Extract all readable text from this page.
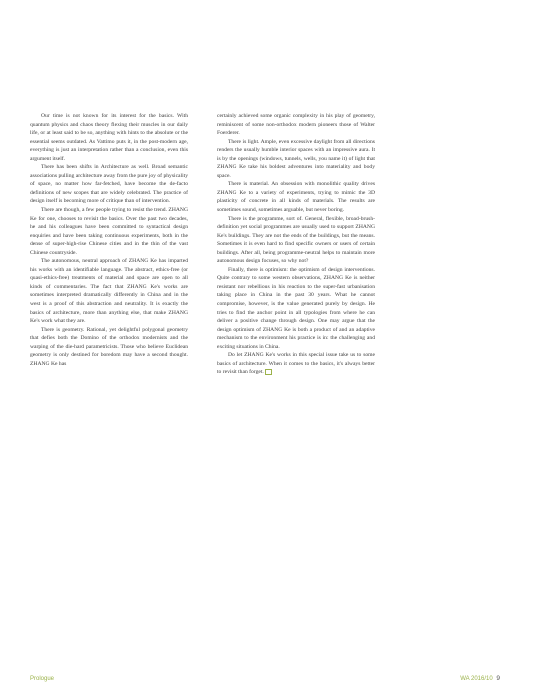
Our time is not known for its interest for the basics. With quantum physics and chaos theory flexing their muscles in our daily life, or at least said to be so, anything with hints to the absolute or the essential seems outdated. As Vattimo puts it, in the post-modern age, everything is just an interpretation rather than a conclusion, even this argument itself.

There has been shifts in Architecture as well. Broad semantic associations pulling architecture away from the pure joy of physicality of space, no matter how far-fetched, have become the de-facto definitions of new scopes that are widely celebrated. The practice of design itself is becoming more of critique than of intervention.

There are though, a few people trying to resist the trend. ZHANG Ke for one, chooses to revisit the basics. Over the past two decades, he and his colleagues have been committed to syntactical design enquiries and have been taking continuous experiments, both in the dense of super-high-rise Chinese cities and in the thin of the vast Chinese countryside.

The autonomous, neutral approach of ZHANG Ke has imparted his works with an identifiable language. The abstract, ethics-free (or quasi-ethics-free) treatments of material and space are open to all kinds of commentaries. The fact that ZHANG Ke's works are sometimes interpreted dramatically differently in China and in the west is a proof of this abstraction and neutrality. It is exactly the basics of architecture, more than anything else, that make ZHANG Ke's work what they are.

There is geometry. Rational, yet delightful polygonal geometry that defies both the Domino of the orthodox modernists and the warping of the die-hard parametricists. Those who believe Euclidean geometry is only destined for boredom may have a second thought. ZHANG Ke has

certainly achieved some organic complexity in his play of geometry, reminiscent of some non-orthodox modern pioneers those of Walter Foerderer.

There is light. Ample, even excessive daylight from all directions renders the usually humble interior spaces with an impressive aura. It is by the openings (windows, tunnels, wells, you name it) of light that ZHANG Ke take his boldest adventures into materiality and body space.

There is material. An obsession with monolithic quality drives ZHANG Ke to a variety of experiments, trying to mimic the 3D plasticity of concrete in all kinds of materials. The results are sometimes sound, sometimes arguable, but never boring.

There is the programme, sort of. General, flexible, broad-brush-definition yet social programmes are usually used to support ZHANG Ke's buildings. They are not the ends of the buildings, but the means. Sometimes it is even hard to find specific owners or users of certain buildings. After all, being programme-neutral helps to maintain more autonomous design focuses, so why not?

Finally, there is optimism: the optimism of design interventions. Quite contrary to some western observations, ZHANG Ke is neither resistant nor rebellious in his reaction to the super-fast urbanisation taking place in China in the past 30 years. What he cannot compromise, however, is the value generated purely by design. He tries to find the anchor point in all typologies from where he can deliver a positive change through design. One may argue that the design optimism of ZHANG Ke is both a product of and an adaptive mechanism to the environment his practice is in: the challenging and exciting situations in China.

Do let ZHANG Ke's works in this special issue take us to some basics of architecture. When it comes to the basics, it's always better to revisit than forget.

Prologue	WA 2016/10 9
